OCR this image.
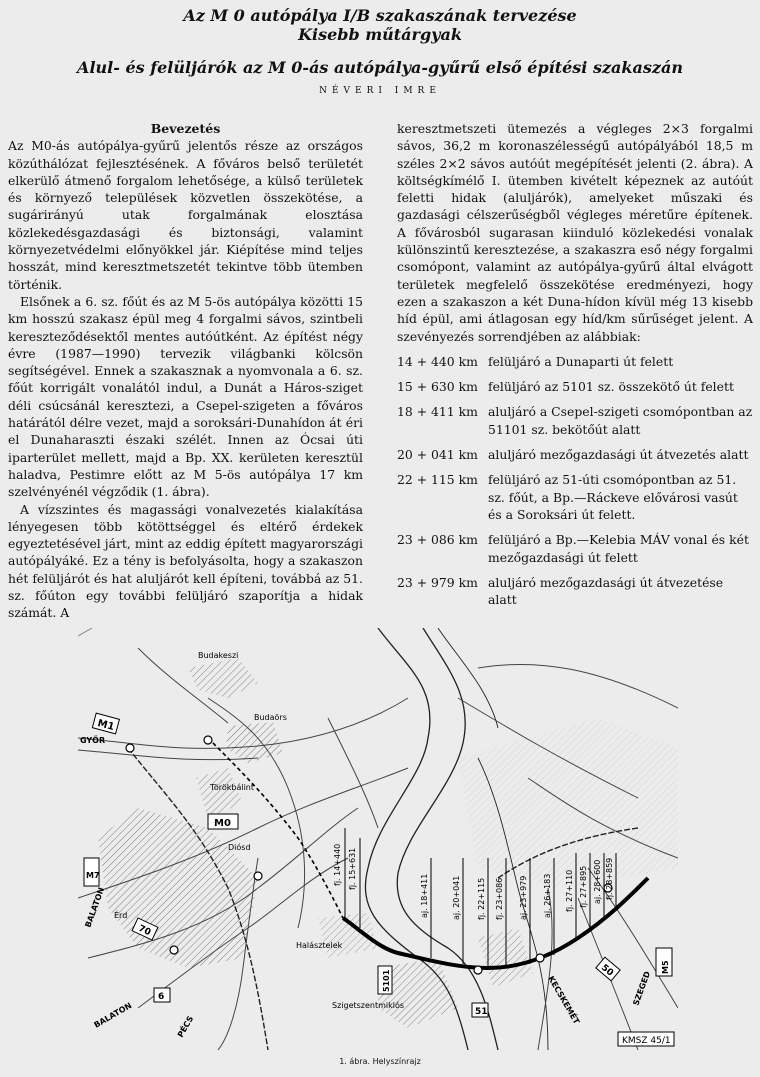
Az M 0 autópálya I/B szakaszának tervezése
Kisebb műtárgyak
Alul- és felüljárók az M 0-ás autópálya-gyűrű első építési szakaszán
NÉVERI IMRE

Bevezetés

Az M0-ás autópálya-gyűrű jelentős része az országos közúthálózat fejlesztésének. A főváros belső területét elkerülő átmenő forgalom lehetősége, a külső területek és környező települések közvetlen összekötése, a sugárirányú utak forgalmának elosztása közlekedésgazdasági és biztonsági, valamint környezetvédelmi előnyökkel jár. Kiépítése mind teljes hosszát, mind keresztmetszetét tekintve több ütemben történik.

Elsőnek a 6. sz. főút és az M 5-ös autópálya közötti 15 km hosszú szakasz épül meg 4 forgalmi sávos, szintbeli kereszteződésektől mentes autóútként. Az építést négy évre (1987—1990) tervezik világbanki kölcsön segítségével. Ennek a szakasznak a nyomvonala a 6. sz. főút korrigált vonalától indul, a Dunát a Háros-sziget déli csúcsánál keresztezi, a Csepel-szigeten a főváros határától délre vezet, majd a soroksári-Dunahídon át éri el Dunaharaszti északi szélét. Innen az Ócsai úti iparterület mellett, majd a Bp. XX. kerületen keresztül haladva, Pestimre előtt az M 5-ös autópálya 17 km szelvényénél végződik (1. ábra).

A vízszintes és magassági vonalvezetés kialakítása lényegesen több kötöttséggel és eltérő érdekek egyeztetésével járt, mint az eddig épített magyarországi autópályáké. Ez a tény is befolyásolta, hogy a szakaszon hét felüljárót és hat aluljárót kell építeni, továbbá az 51. sz. főúton egy további felüljáró szaporítja a hidak számát. A

keresztmetszeti ütemezés a végleges 2×3 forgalmi sávos, 36,2 m koronaszélességű autópályából 18,5 m széles 2×2 sávos autóút megépítését jelenti (2. ábra). A költségkímélő I. ütemben kivételt képeznek az autóút feletti hidak (aluljárók), amelyeket műszaki és gazdasági célszerűségből végleges méretűre építenek. A fővárosból sugarasan kiinduló közlekedési vonalak különszintű keresztezése, a szakaszra eső négy forgalmi csomópont, valamint az autópálya-gyűrű által elvágott területek megfelelő összekötése eredményezi, hogy ezen a szakaszon a két Duna-hídon kívül még 13 kisebb híd épül, ami átlagosan egy híd/km sűrűséget jelent. A szevényezés sorrendjében az alábbiak:

14 + 440 km felüljáró a Dunaparti út felett
15 + 630 km felüljáró az 5101 sz. összekötő út felett
18 + 411 km aluljáró a Csepel-szigeti csomópontban az 51101 sz. bekötőút alatt
20 + 041 km aluljáró mezőgazdasági út átvezetés alatt
22 + 115 km felüljáró az 51-úti csomópontban az 51. sz. főút, a Bp.—Ráckeve elővárosi vasút és a Soroksári út felett.
23 + 086 km felüljáró a Bp.—Kelebia MÁV vonal és két mezőgazdasági út felett
23 + 979 km aluljáró mezőgazdasági út átvezetése alatt
fj. 14+440 fj. 15+631
aj. 18+411	aj. 20+041 fj. 22+115 fj. 23+086 aj. 23+979 aj. 26+183 fj. 27+110 fj. 27+895 aj. 28+600 fj. 28+859
Budakeszi
Budaörs
Törökbálint
Diósd
Érd
Halásztelek
Szigetszentmiklós
M1
M0
M7
70
6
5101
51
50	M5
GYŐR
BALATON
BALATON	PÉCS
KECSKEMÉT	SZEGED
KMSZ 45/1
1. ábra. Helyszínrajz
